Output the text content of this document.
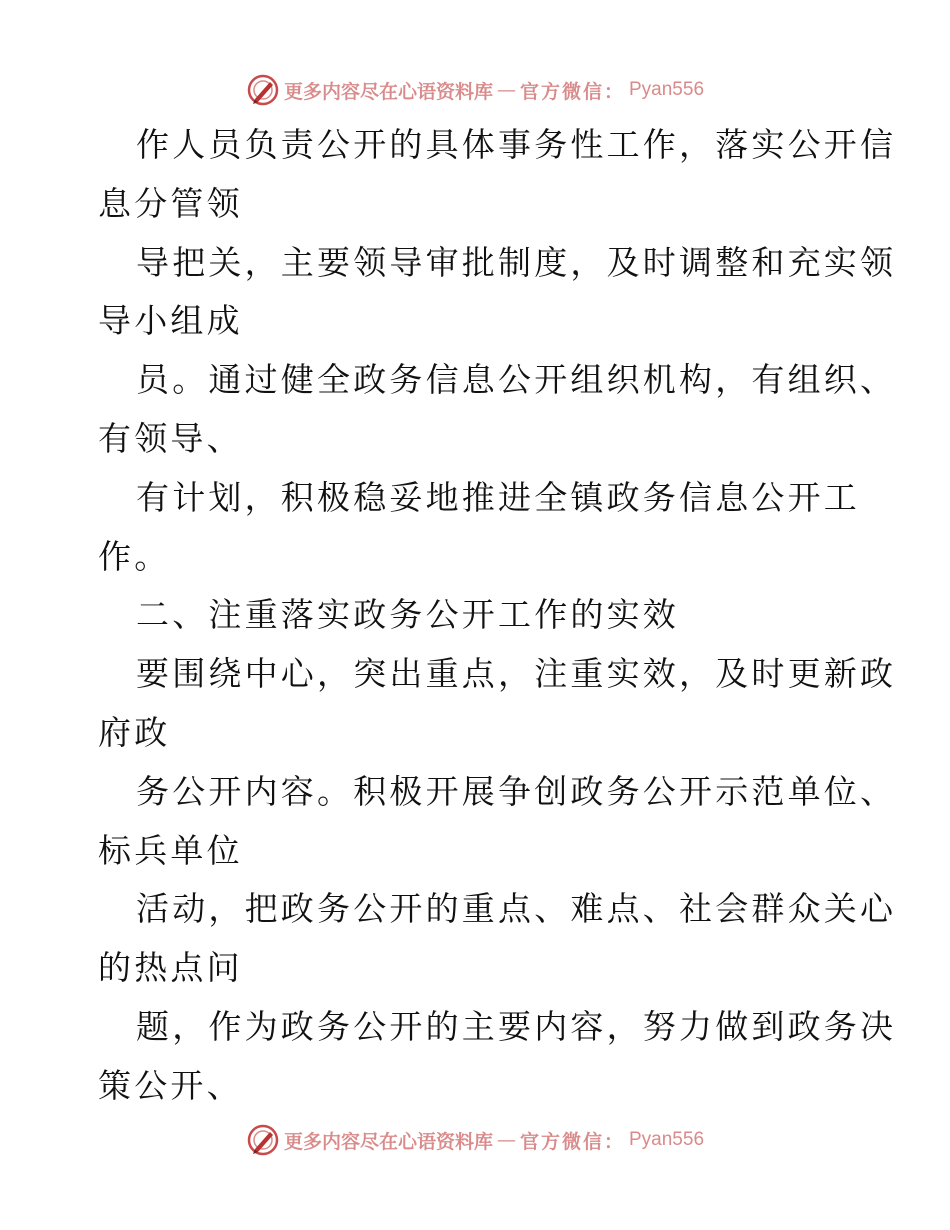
更多内容尽在心语资料库 — 官方微信： Pyan556
作人员负责公开的具体事务性工作，落实公开信
息分管领
导把关，主要领导审批制度，及时调整和充实领
导小组成
员。通过健全政务信息公开组织机构，有组织、
有领导、
有计划，积极稳妥地推进全镇政务信息公开工
作。
二、注重落实政务公开工作的实效
要围绕中心，突出重点，注重实效，及时更新政
府政
务公开内容。积极开展争创政务公开示范单位、
标兵单位
活动，把政务公开的重点、难点、社会群众关心
的热点问
题，作为政务公开的主要内容，努力做到政务决
策公开、
更多内容尽在心语资料库 — 官方微信： Pyan556
